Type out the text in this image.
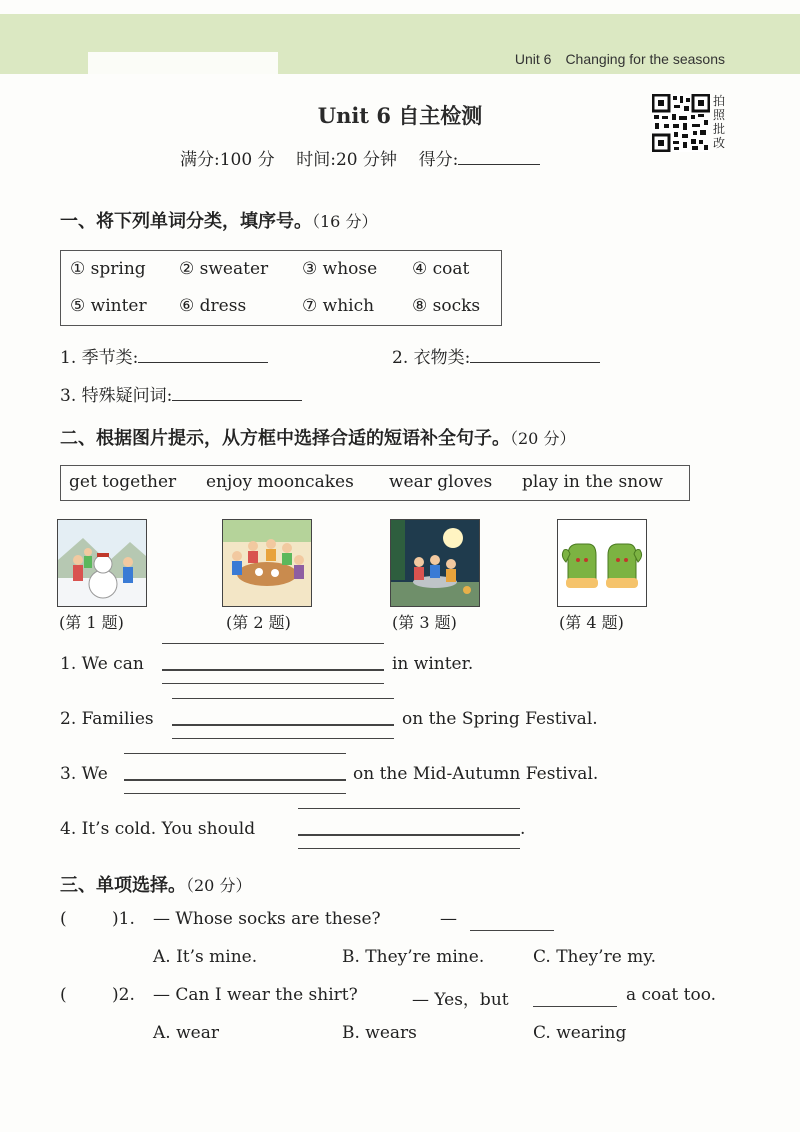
Unit 6 Changing for the seasons
Unit 6 自主检测
满分:100 分 时间:20 分钟 得分:
拍照批改
一、将下列单词分类，填序号。（16 分）
① spring ② sweater ③ whose ④ coat
⑤ winter ⑥ dress	⑦ which ⑧ socks
1. 季节类:	2. 衣物类:
3. 特殊疑问词:
二、根据图片提示，从方框中选择合适的短语补全句子。（20 分）
get together enjoy mooncakes wear gloves play in the snow
(第 1 题)	(第 2 题)	(第 3 题)	(第 4 题)
1. We can	in winter.
2. Families	on the Spring Festival.
3. We	on the Mid-Autumn Festival.
4. It’s cold. You should	.
三、单项选择。（20 分）
(	)1. — Whose socks are these?	—
A. It’s mine.	B. They’re mine.	C. They’re my.
(	)2. — Can I wear the shirt?	— Yes，but	a coat too.
A. wear	B. wears	C. wearing
